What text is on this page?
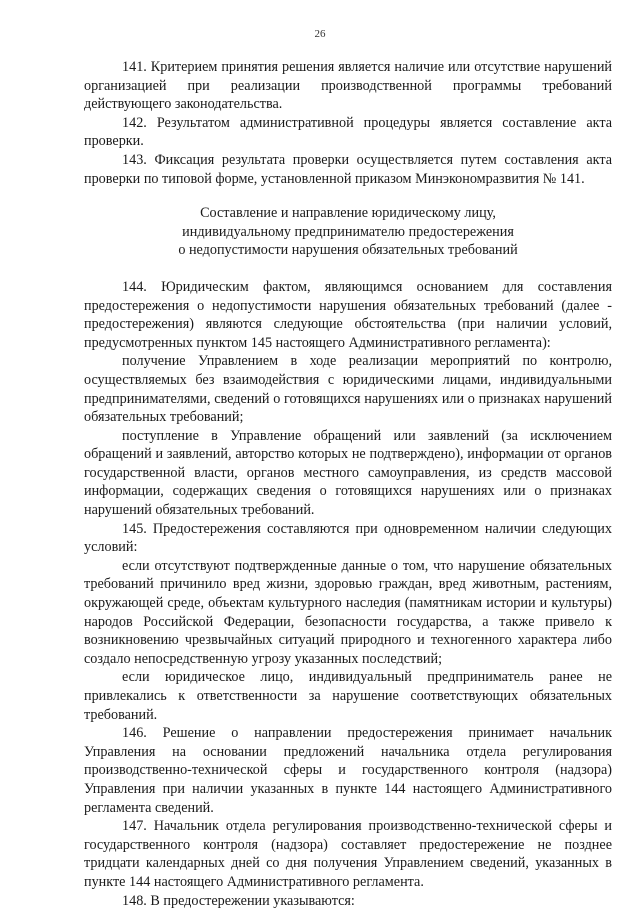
26

141. Критерием принятия решения является наличие или отсутствие нарушений организацией при реализации производственной программы требований действующего законодательства.

142. Результатом административной процедуры является составление акта проверки.

143. Фиксация результата проверки осуществляется путем составления акта проверки по типовой форме, установленной приказом Минэкономразвития № 141.

Составление и направление юридическому лицу,
индивидуальному предпринимателю предостережения
о недопустимости нарушения обязательных требований

144. Юридическим фактом, являющимся основанием для составления предостережения о недопустимости нарушения обязательных требований (далее - предостережения) являются следующие обстоятельства (при наличии условий, предусмотренных пунктом 145 настоящего Административного регламента):

получение Управлением в ходе реализации мероприятий по контролю, осуществляемых без взаимодействия с юридическими лицами, индивидуальными предпринимателями, сведений о готовящихся нарушениях или о признаках нарушений обязательных требований;

поступление в Управление обращений или заявлений (за исключением обращений и заявлений, авторство которых не подтверждено), информации от органов государственной власти, органов местного самоуправления, из средств массовой информации, содержащих сведения о готовящихся нарушениях или о признаках нарушений обязательных требований.

145. Предостережения составляются при одновременном наличии следующих условий:

если отсутствуют подтвержденные данные о том, что нарушение обязательных требований причинило вред жизни, здоровью граждан, вред животным, растениям, окружающей среде, объектам культурного наследия (памятникам истории и культуры) народов Российской Федерации, безопасности государства, а также привело к возникновению чрезвычайных ситуаций природного и техногенного характера либо создало непосредственную угрозу указанных последствий;

если юридическое лицо, индивидуальный предприниматель ранее не привлекались к ответственности за нарушение соответствующих обязательных требований.

146. Решение о направлении предостережения принимает начальник Управления на основании предложений начальника отдела регулирования производственно-технической сферы и государственного контроля (надзора) Управления при наличии указанных в пункте 144 настоящего Административного регламента сведений.

147. Начальник отдела регулирования производственно-технической сферы и государственного контроля (надзора) составляет предостережение не позднее тридцати календарных дней со дня получения Управлением сведений, указанных в пункте 144 настоящего Административного регламента.

148. В предостережении указываются:
